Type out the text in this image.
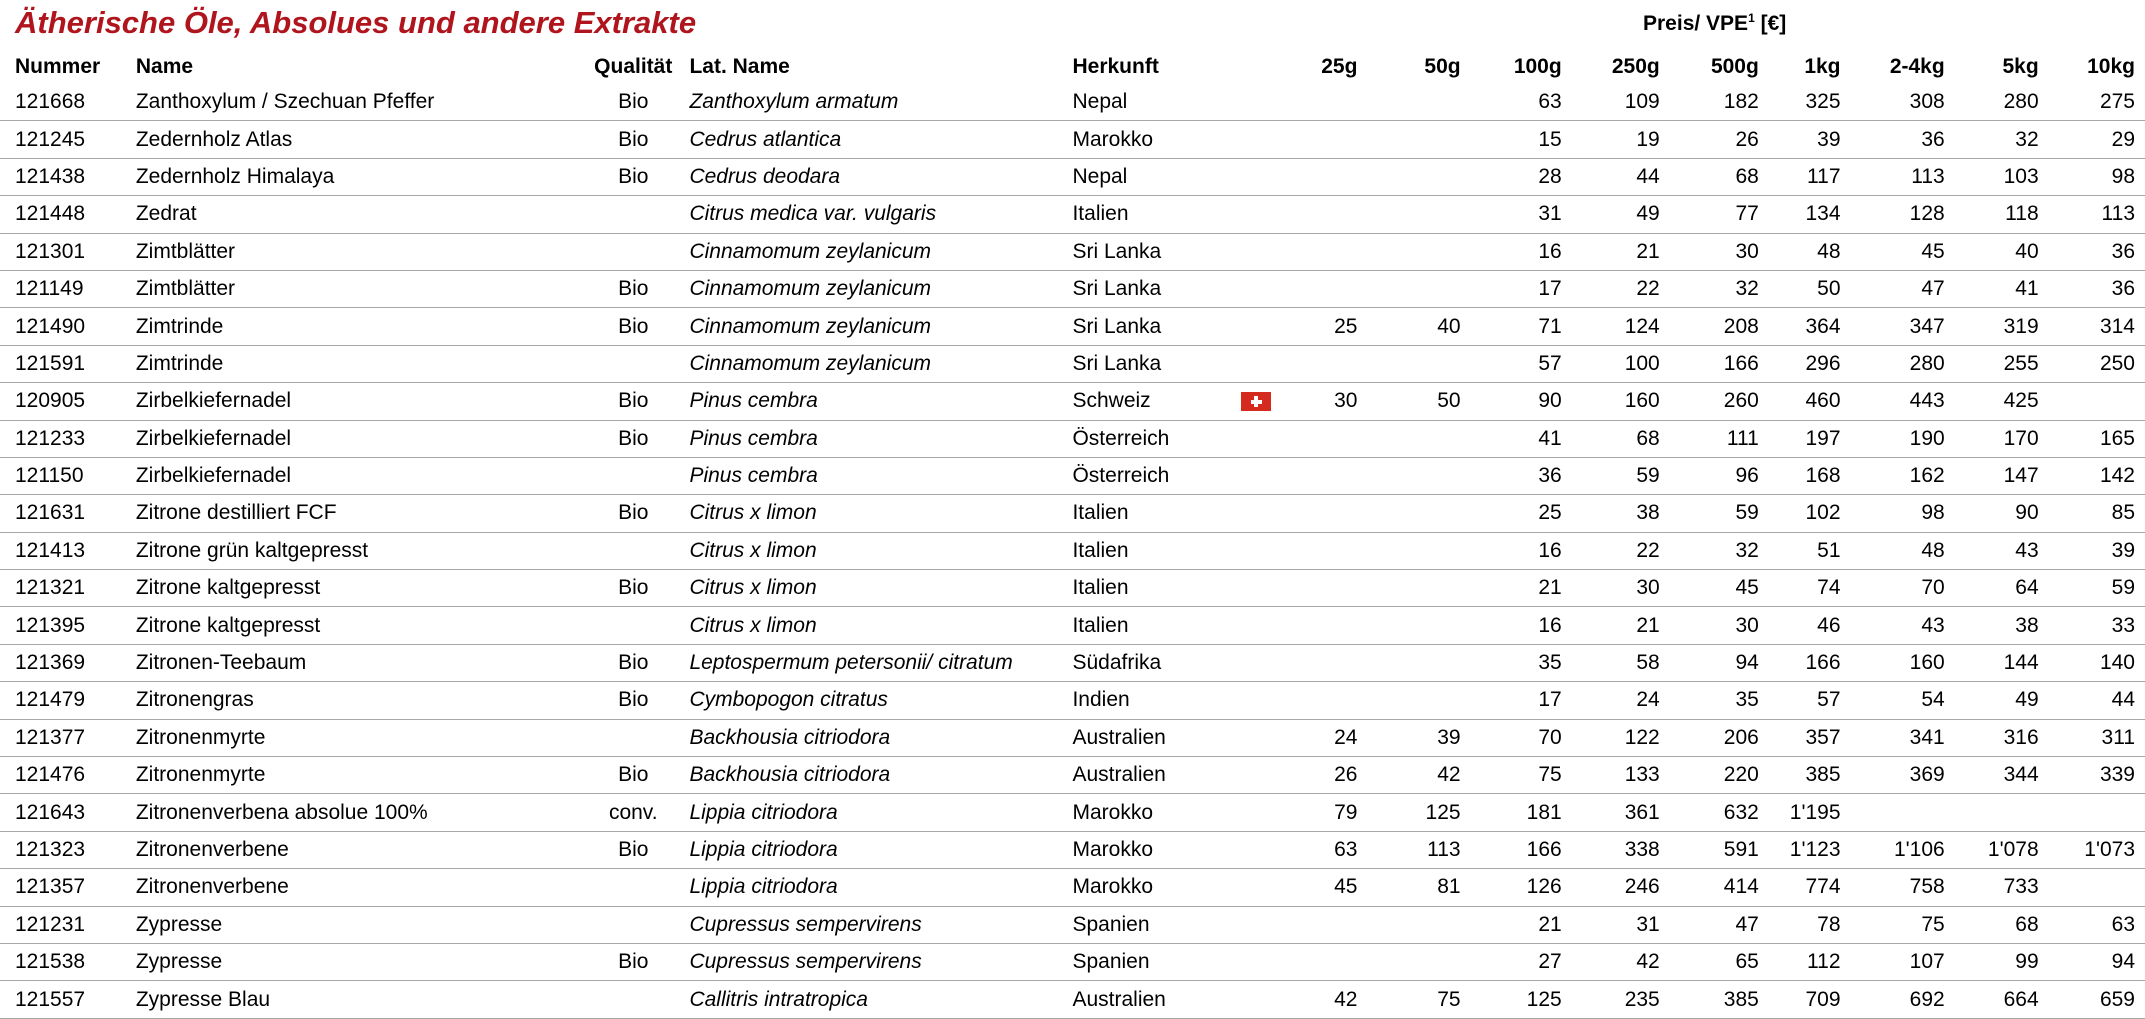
Ätherische Öle, Absolues und andere Extrakte	Preis/ VPE$^1$ [€]
Nummer	Name	Qualität	Lat. Name	Herkunft		25g	50g	100g	250g	500g	1kg	2-4kg	5kg	10kg
121668	Zanthoxylum / Szechuan Pfeffer	Bio	Zanthoxylum armatum	Nepal				63	109	182	325	308	280	275
121245	Zedernholz Atlas	Bio	Cedrus atlantica	Marokko				15	19	26	39	36	32	29
121438	Zedernholz Himalaya	Bio	Cedrus deodara	Nepal				28	44	68	117	113	103	98
121448	Zedrat		Citrus medica var. vulgaris	Italien				31	49	77	134	128	118	113
121301	Zimtblätter		Cinnamomum zeylanicum	Sri Lanka				16	21	30	48	45	40	36
121149	Zimtblätter	Bio	Cinnamomum zeylanicum	Sri Lanka				17	22	32	50	47	41	36
121490	Zimtrinde	Bio	Cinnamomum zeylanicum	Sri Lanka		25	40	71	124	208	364	347	319	314
121591	Zimtrinde		Cinnamomum zeylanicum	Sri Lanka				57	100	166	296	280	255	250
120905	Zirbelkiefernadel	Bio	Pinus cembra	Schweiz		30	50	90	160	260	460	443	425	
121233	Zirbelkiefernadel	Bio	Pinus cembra	Österreich				41	68	111	197	190	170	165
121150	Zirbelkiefernadel		Pinus cembra	Österreich				36	59	96	168	162	147	142
121631	Zitrone destilliert FCF	Bio	Citrus x limon	Italien				25	38	59	102	98	90	85
121413	Zitrone grün kaltgepresst		Citrus x limon	Italien				16	22	32	51	48	43	39
121321	Zitrone kaltgepresst	Bio	Citrus x limon	Italien				21	30	45	74	70	64	59
121395	Zitrone kaltgepresst		Citrus x limon	Italien				16	21	30	46	43	38	33
121369	Zitronen-Teebaum	Bio	Leptospermum petersonii/ citratum	Südafrika				35	58	94	166	160	144	140
121479	Zitronengras	Bio	Cymbopogon citratus	Indien				17	24	35	57	54	49	44
121377	Zitronenmyrte		Backhousia citriodora	Australien		24	39	70	122	206	357	341	316	311
121476	Zitronenmyrte	Bio	Backhousia citriodora	Australien		26	42	75	133	220	385	369	344	339
121643	Zitronenverbena absolue 100%	conv.	Lippia citriodora	Marokko		79	125	181	361	632	1'195			
121323	Zitronenverbene	Bio	Lippia citriodora	Marokko		63	113	166	338	591	1'123	1'106	1'078	1'073
121357	Zitronenverbene		Lippia citriodora	Marokko		45	81	126	246	414	774	758	733	
121231	Zypresse		Cupressus sempervirens	Spanien				21	31	47	78	75	68	63
121538	Zypresse	Bio	Cupressus sempervirens	Spanien				27	42	65	112	107	99	94
121557	Zypresse Blau		Callitris intratropica	Australien		42	75	125	235	385	709	692	664	659
